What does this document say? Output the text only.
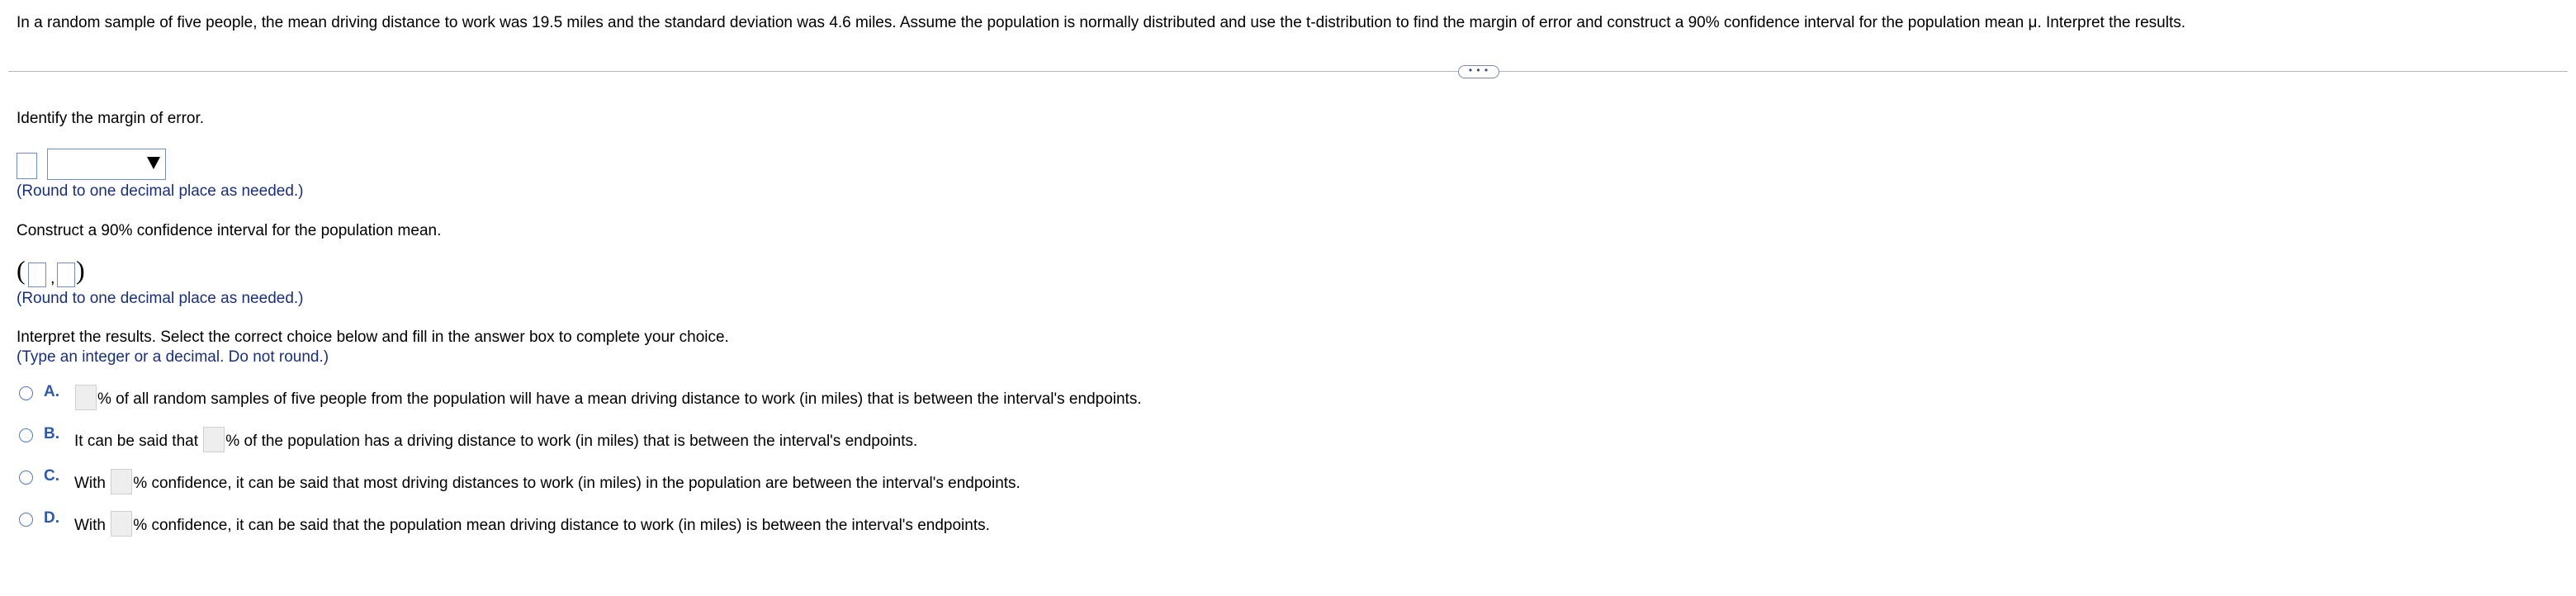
In a random sample of five people, the mean driving distance to work was 19.5 miles and the standard deviation was 4.6 miles. Assume the population is normally distributed and use the t-distribution to find the margin of error and construct a 90% confidence interval for the population mean μ. Interpret the results.
• • •
Identify the margin of error.
(Round to one decimal place as needed.)
Construct a 90% confidence interval for the population mean.
( , )
(Round to one decimal place as needed.)
Interpret the results. Select the correct choice below and fill in the answer box to complete your choice.
(Type an integer or a decimal. Do not round.)
A.	% of all random samples of five people from the population will have a mean driving distance to work (in miles) that is between the interval's endpoints.
B. It can be said that % of the population has a driving distance to work (in miles) that is between the interval's endpoints.
C. With % confidence, it can be said that most driving distances to work (in miles) in the population are between the interval's endpoints.
D. With % confidence, it can be said that the population mean driving distance to work (in miles) is between the interval's endpoints.
